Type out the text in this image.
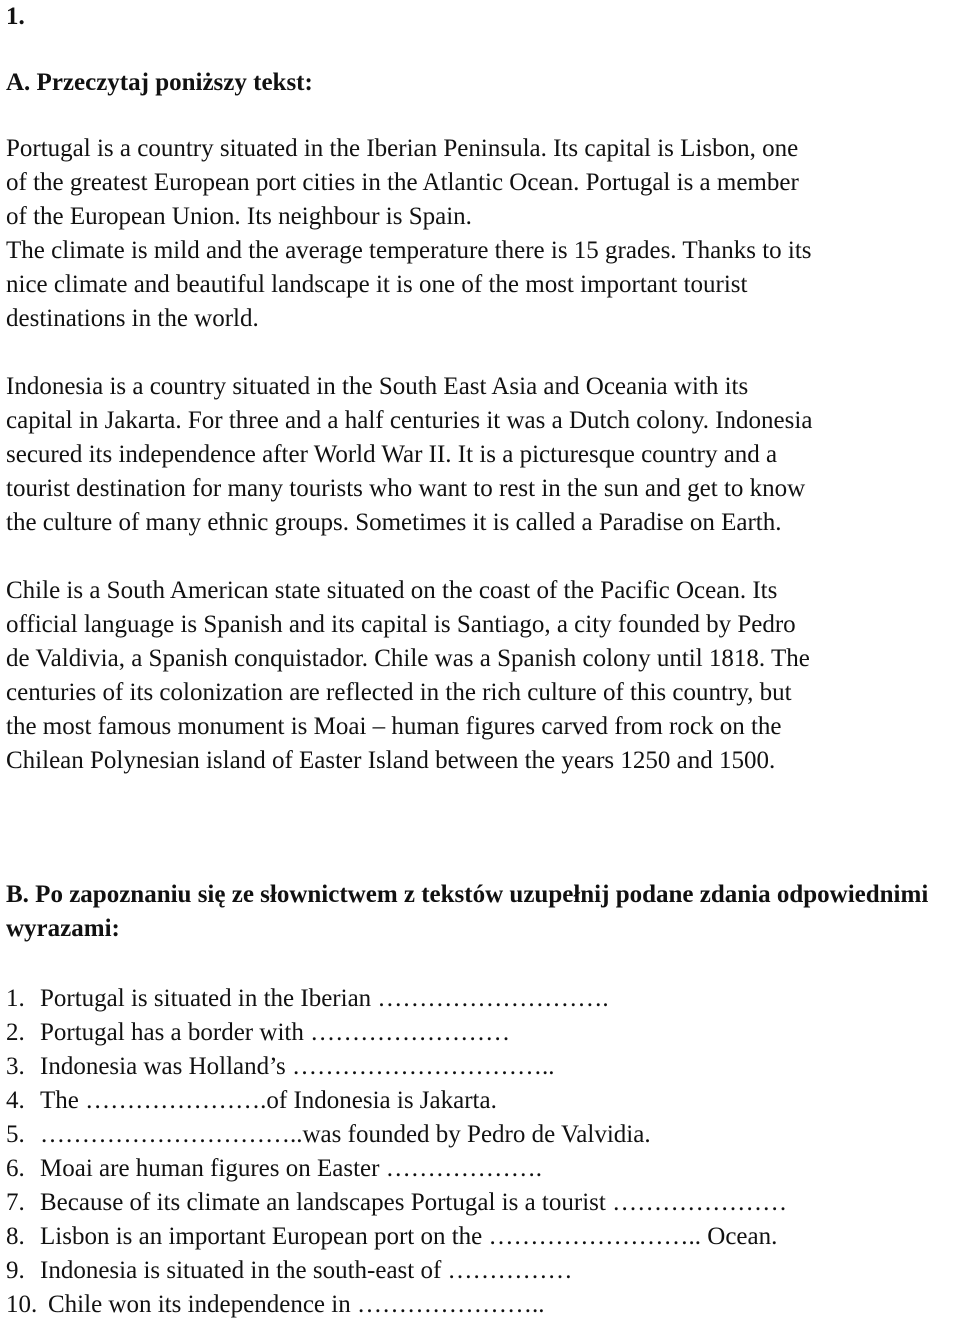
1.
A. Przeczytaj poniższy tekst:

Portugal is a country situated in the Iberian Peninsula. Its capital is Lisbon, one
of the greatest European port cities in the Atlantic Ocean. Portugal is a member
of the European Union. Its neighbour is Spain.
The climate is mild and the average temperature there is 15 grades. Thanks to its
nice climate and beautiful landscape it is one of the most important tourist
destinations in the world.

Indonesia is a country situated in the South East Asia and Oceania with its
capital in Jakarta. For three and a half centuries it was a Dutch colony. Indonesia
secured its independence after World War II. It is a picturesque country and a
tourist destination for many tourists who want to rest in the sun and get to know
the culture of many ethnic groups. Sometimes it is called a Paradise on Earth.

Chile is a South American state situated on the coast of the Pacific Ocean. Its
official language is Spanish and its capital is Santiago, a city founded by Pedro
de Valdivia, a Spanish conquistador. Chile was a Spanish colony until 1818. The
centuries of its colonization are reflected in the rich culture of this country, but
the most famous monument is Moai – human figures carved from rock on the
Chilean Polynesian island of Easter Island between the years 1250 and 1500.

B. Po zapoznaniu się ze słownictwem z tekstów uzupełnij podane zdania odpowiednimi wyrazami:
1. Portugal is situated in the Iberian ……………………….
2. Portugal has a border with ……………………
3. Indonesia was Holland’s …………………………..
4. The ………………….of Indonesia is Jakarta.
5. …………………………..was founded by Pedro de Valvidia.
6. Moai are human figures on Easter ……………….
7. Because of its climate an landscapes Portugal is a tourist …………………
8. Lisbon is an important European port on the …………………….. Ocean.
9. Indonesia is situated in the south-east of ……………
10. Chile won its independence in …………………..
